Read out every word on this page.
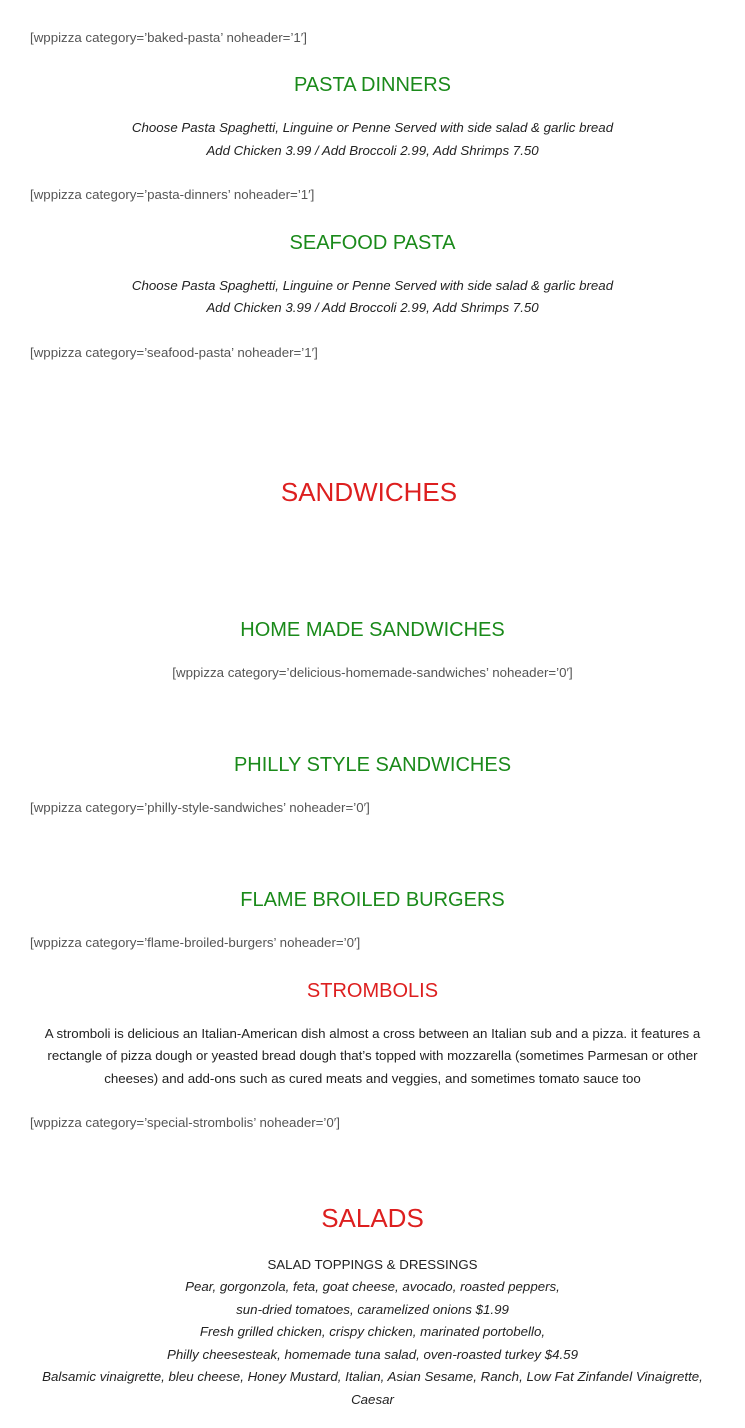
[wppizza category=’baked-pasta’ noheader=’1′]
PASTA DINNERS
Choose Pasta Spaghetti, Linguine or Penne Served with side salad & garlic bread
Add Chicken 3.99 / Add Broccoli 2.99, Add Shrimps 7.50
[wppizza category=’pasta-dinners’ noheader=’1′]
SEAFOOD PASTA
Choose Pasta Spaghetti, Linguine or Penne Served with side salad & garlic bread
Add Chicken 3.99 / Add Broccoli 2.99, Add Shrimps 7.50
[wppizza category=’seafood-pasta’ noheader=’1′]
SANDWICHES
HOME MADE SANDWICHES
[wppizza category=’delicious-homemade-sandwiches’ noheader=’0′]
PHILLY STYLE SANDWICHES
[wppizza category=’philly-style-sandwiches’ noheader=’0′]
FLAME BROILED BURGERS
[wppizza category=’flame-broiled-burgers’ noheader=’0′]
STROMBOLIS
A stromboli is delicious an Italian-American dish almost a cross between an Italian sub and a pizza. it features a
rectangle of pizza dough or yeasted bread dough that’s topped with mozzarella (sometimes Parmesan or other
cheeses) and add-ons such as cured meats and veggies, and sometimes tomato sauce too
[wppizza category=’special-strombolis’ noheader=’0′]
SALADS
SALAD TOPPINGS & DRESSINGS
Pear, gorgonzola, feta, goat cheese, avocado, roasted peppers,
sun-dried tomatoes, caramelized onions $1.99
Fresh grilled chicken, crispy chicken, marinated portobello,
Philly cheesesteak, homemade tuna salad, oven-roasted turkey $4.59
Balsamic vinaigrette, bleu cheese, Honey Mustard, Italian, Asian Sesame, Ranch, Low Fat Zinfandel Vinaigrette,
Caesar
